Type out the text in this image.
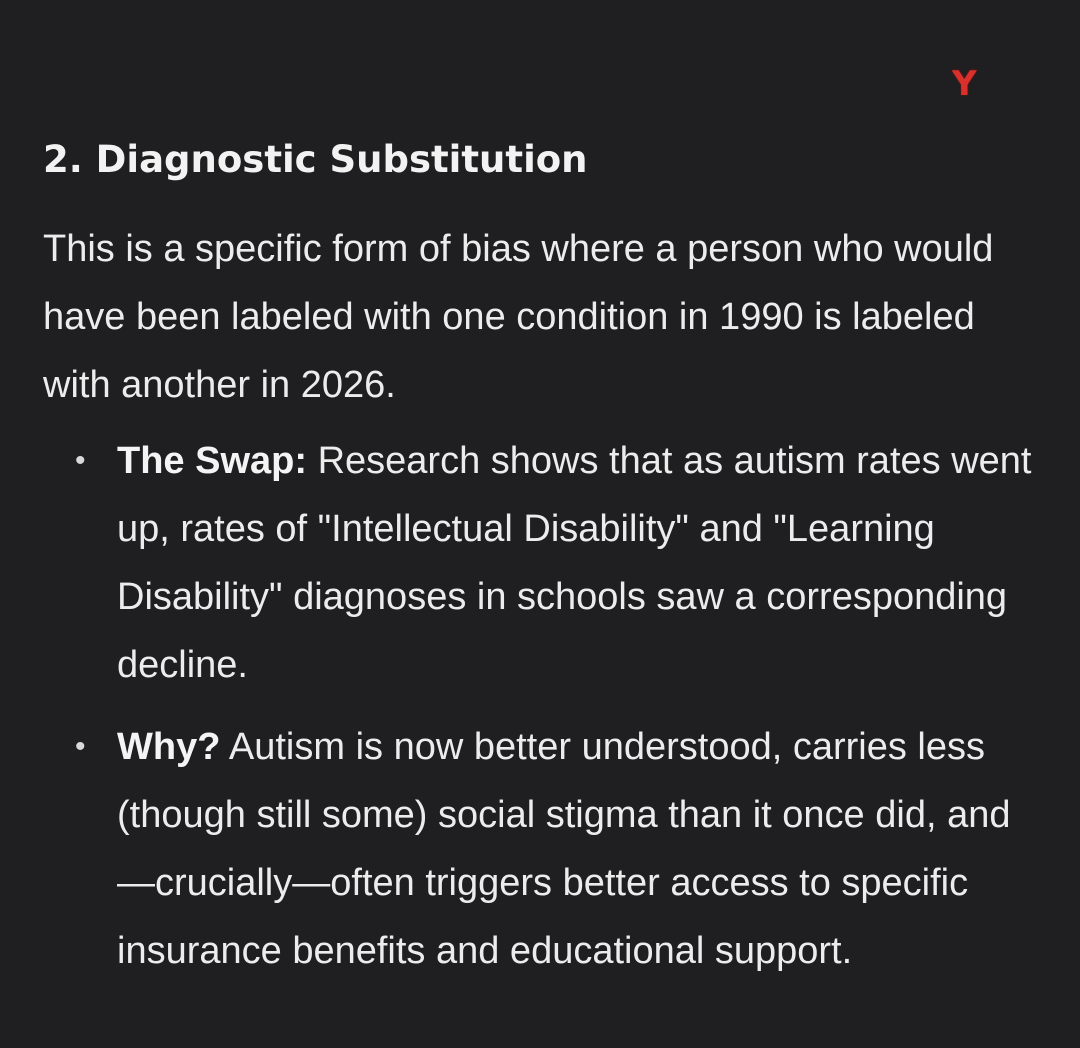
Y
2. Diagnostic Substitution

This is a specific form of bias where a person who would have been labeled with one condition in 1990 is labeled with another in 2026.

• The Swap: Research shows that as autism rates went up, rates of "Intellectual Disability" and "Learning Disability" diagnoses in schools saw a corresponding decline.
• Why? Autism is now better understood, carries less (though still some) social stigma than it once did, and—crucially—often triggers better access to specific insurance benefits and educational support.
